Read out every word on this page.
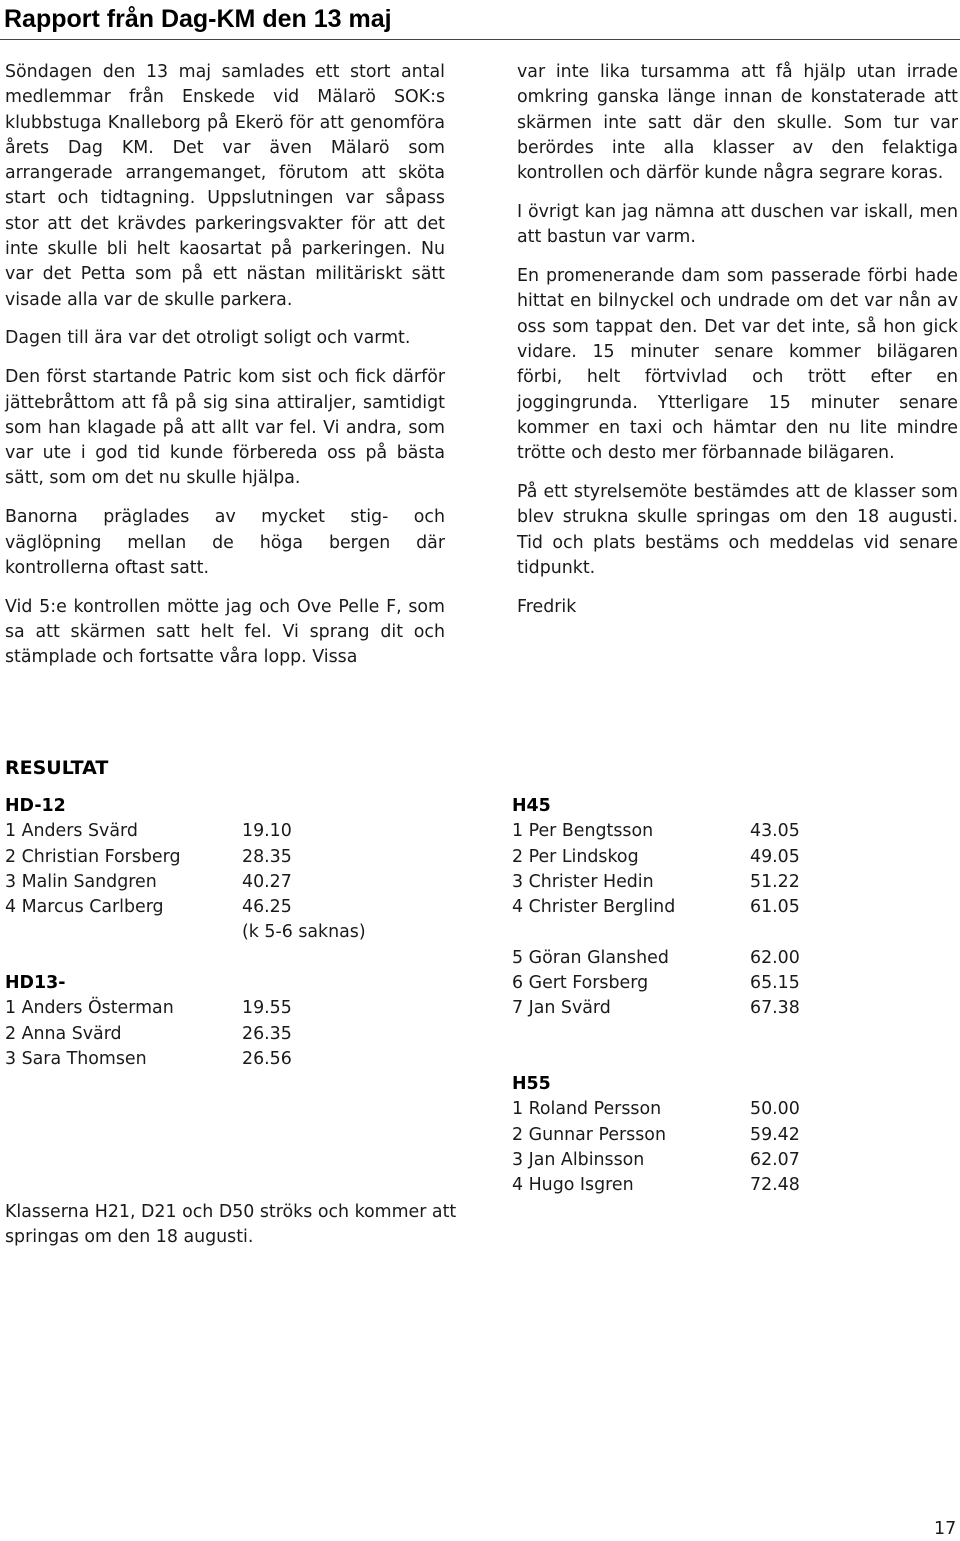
Rapport från Dag-KM den 13 maj

Söndagen den 13 maj samlades ett stort antal medlemmar från Enskede vid Mälarö SOK:s klubbstuga Knalleborg på Ekerö för att genomföra årets Dag KM. Det var även Mälarö som arrangerade arrangemanget, förutom att sköta start och tidtagning. Uppslutningen var såpass stor att det krävdes parkeringsvakter för att det inte skulle bli helt kaosartat på parkeringen. Nu var det Petta som på ett nästan militäriskt sätt visade alla var de skulle parkera.

Dagen till ära var det otroligt soligt och varmt.

Den först startande Patric kom sist och fick därför jättebråttom att få på sig sina attiraljer, samtidigt som han klagade på att allt var fel. Vi andra, som var ute i god tid kunde förbereda oss på bästa sätt, som om det nu skulle hjälpa.

Banorna präglades av mycket stig- och väglöpning mellan de höga bergen där kontrollerna oftast satt.

Vid 5:e kontrollen mötte jag och Ove Pelle F, som sa att skärmen satt helt fel. Vi sprang dit och stämplade och fortsatte våra lopp. Vissa

var inte lika tursamma att få hjälp utan irrade omkring ganska länge innan de konstaterade att skärmen inte satt där den skulle. Som tur var berördes inte alla klasser av den felaktiga kontrollen och därför kunde några segrare koras.

I övrigt kan jag nämna att duschen var iskall, men att bastun var varm.

En promenerande dam som passerade förbi hade hittat en bilnyckel och undrade om det var nån av oss som tappat den. Det var det inte, så hon gick vidare. 15 minuter senare kommer bilägaren förbi, helt förtvivlad och trött efter en joggingrunda. Ytterligare 15 minuter senare kommer en taxi och hämtar den nu lite mindre trötte och desto mer förbannade bilägaren.

På ett styrelsemöte bestämdes att de klasser som blev strukna skulle springas om den 18 augusti. Tid och plats bestäms och meddelas vid senare tidpunkt.

Fredrik

RESULTAT
HD-12
1 Anders Svärd	19.10
2 Christian Forsberg	28.35
3 Malin Sandgren	40.27
4 Marcus Carlberg	46.25
(k 5-6 saknas)
HD13-
1 Anders Österman	19.55
2 Anna Svärd	26.35
3 Sara Thomsen	26.56
H45
1 Per Bengtsson	43.05
2 Per Lindskog	49.05
3 Christer Hedin	51.22
4 Christer Berglind	61.05
5 Göran Glanshed	62.00
6 Gert Forsberg	65.15
7 Jan Svärd	67.38
H55
1 Roland Persson	50.00
2 Gunnar Persson	59.42
3 Jan Albinsson	62.07
4 Hugo Isgren	72.48

Klasserna H21, D21 och D50 ströks och kommer att springas om den 18 augusti.

17
